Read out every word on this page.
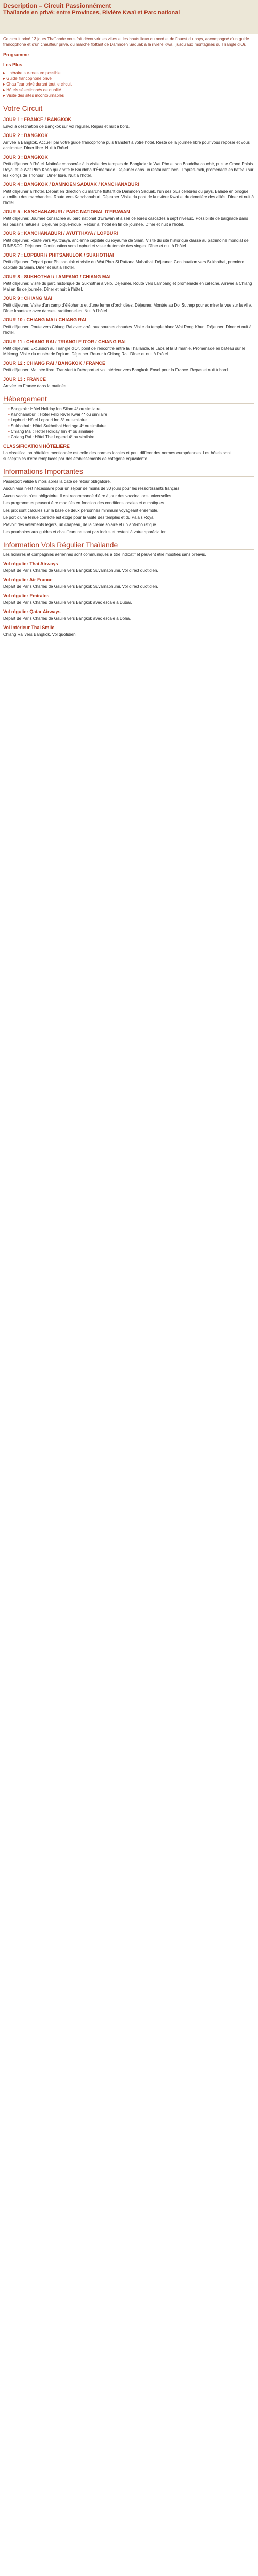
Description – Circuit Passionnément
Thaïlande en privé: entre Provinces, Rivière Kwaï et Parc national

Ce circuit privé 13 jours Thaïlande vous fait découvrir les villes et les hauts lieux du nord et de l'ouest du pays, accompagné d'un guide francophone et d'un chauffeur privé, du marché flottant de Damnoen Saduak à la rivière Kwaï, jusqu'aux montagnes du Triangle d'Or.

Programme
Les Plus
▸ Itinéraire sur-mesure possible
▸ Guide francophone privé
▸ Chauffeur privé durant tout le circuit
▸ Hôtels sélectionnés de qualité
▸ Visite des sites incontournables
Votre Circuit
JOUR 1 : FRANCE / BANGKOK

Envol à destination de Bangkok sur vol régulier. Repas et nuit à bord.

JOUR 2 : BANGKOK

Arrivée à Bangkok. Accueil par votre guide francophone puis transfert à votre hôtel. Reste de la journée libre pour vous reposer et vous acclimater. Dîner libre. Nuit à l'hôtel.

JOUR 3 : BANGKOK

Petit déjeuner à l'hôtel. Matinée consacrée à la visite des temples de Bangkok : le Wat Pho et son Bouddha couché, puis le Grand Palais Royal et le Wat Phra Kaeo qui abrite le Bouddha d'Émeraude. Déjeuner dans un restaurant local. L'après-midi, promenade en bateau sur les klongs de Thonburi. Dîner libre. Nuit à l'hôtel.

JOUR 4 : BANGKOK / DAMNOEN SADUAK / KANCHANABURI

Petit déjeuner à l'hôtel. Départ en direction du marché flottant de Damnoen Saduak, l'un des plus célèbres du pays. Balade en pirogue au milieu des marchandes. Route vers Kanchanaburi. Déjeuner. Visite du pont de la rivière Kwaï et du cimetière des alliés. Dîner et nuit à l'hôtel.

JOUR 5 : KANCHANABURI / PARC NATIONAL D'ERAWAN

Petit déjeuner. Journée consacrée au parc national d'Erawan et à ses célèbres cascades à sept niveaux. Possibilité de baignade dans les bassins naturels. Déjeuner pique-nique. Retour à l'hôtel en fin de journée. Dîner et nuit à l'hôtel.

JOUR 6 : KANCHANABURI / AYUTTHAYA / LOPBURI

Petit déjeuner. Route vers Ayutthaya, ancienne capitale du royaume de Siam. Visite du site historique classé au patrimoine mondial de l'UNESCO. Déjeuner. Continuation vers Lopburi et visite du temple des singes. Dîner et nuit à l'hôtel.

JOUR 7 : LOPBURI / PHITSANULOK / SUKHOTHAI

Petit déjeuner. Départ pour Phitsanulok et visite du Wat Phra Si Rattana Mahathat. Déjeuner. Continuation vers Sukhothai, première capitale du Siam. Dîner et nuit à l'hôtel.

JOUR 8 : SUKHOTHAI / LAMPANG / CHIANG MAI

Petit déjeuner. Visite du parc historique de Sukhothai à vélo. Déjeuner. Route vers Lampang et promenade en calèche. Arrivée à Chiang Mai en fin de journée. Dîner et nuit à l'hôtel.

JOUR 9 : CHIANG MAI

Petit déjeuner. Visite d'un camp d'éléphants et d'une ferme d'orchidées. Déjeuner. Montée au Doi Suthep pour admirer la vue sur la ville. Dîner khantoke avec danses traditionnelles. Nuit à l'hôtel.

JOUR 10 : CHIANG MAI / CHIANG RAI

Petit déjeuner. Route vers Chiang Rai avec arrêt aux sources chaudes. Visite du temple blanc Wat Rong Khun. Déjeuner. Dîner et nuit à l'hôtel.

JOUR 11 : CHIANG RAI / TRIANGLE D'OR / CHIANG RAI

Petit déjeuner. Excursion au Triangle d'Or, point de rencontre entre la Thaïlande, le Laos et la Birmanie. Promenade en bateau sur le Mékong. Visite du musée de l'opium. Déjeuner. Retour à Chiang Rai. Dîner et nuit à l'hôtel.

JOUR 12 : CHIANG RAI / BANGKOK / FRANCE

Petit déjeuner. Matinée libre. Transfert à l'aéroport et vol intérieur vers Bangkok. Envol pour la France. Repas et nuit à bord.

JOUR 13 : FRANCE

Arrivée en France dans la matinée.

Hébergement
• Bangkok : Hôtel Holiday Inn Silom 4* ou similaire
• Kanchanaburi : Hôtel Felix River Kwai 4* ou similaire
• Lopburi : Hôtel Lopburi Inn 3* ou similaire
• Sukhothai : Hôtel Sukhothai Heritage 4* ou similaire
• Chiang Mai : Hôtel Holiday Inn 4* ou similaire
• Chiang Rai : Hôtel The Legend 4* ou similaire
CLASSIFICATION HÔTELIÈRE

La classification hôtelière mentionnée est celle des normes locales et peut différer des normes européennes. Les hôtels sont susceptibles d'être remplacés par des établissements de catégorie équivalente.

Informations Importantes

Passeport valide 6 mois après la date de retour obligatoire.

Aucun visa n'est nécessaire pour un séjour de moins de 30 jours pour les ressortissants français.

Aucun vaccin n'est obligatoire. Il est recommandé d'être à jour des vaccinations universelles.

Les programmes peuvent être modifiés en fonction des conditions locales et climatiques.

Les prix sont calculés sur la base de deux personnes minimum voyageant ensemble.

Le port d'une tenue correcte est exigé pour la visite des temples et du Palais Royal.

Prévoir des vêtements légers, un chapeau, de la crème solaire et un anti-moustique.

Les pourboires aux guides et chauffeurs ne sont pas inclus et restent à votre appréciation.

Information Vols Régulier Thaïlande

Les horaires et compagnies aériennes sont communiqués à titre indicatif et peuvent être modifiés sans préavis.

Vol régulier Thai Airways

Départ de Paris Charles de Gaulle vers Bangkok Suvarnabhumi. Vol direct quotidien.

Vol régulier Air France

Départ de Paris Charles de Gaulle vers Bangkok Suvarnabhumi. Vol direct quotidien.

Vol régulier Emirates

Départ de Paris Charles de Gaulle vers Bangkok avec escale à Dubaï.

Vol régulier Qatar Airways

Départ de Paris Charles de Gaulle vers Bangkok avec escale à Doha.

Vol intérieur Thai Smile

Chiang Rai vers Bangkok. Vol quotidien.
